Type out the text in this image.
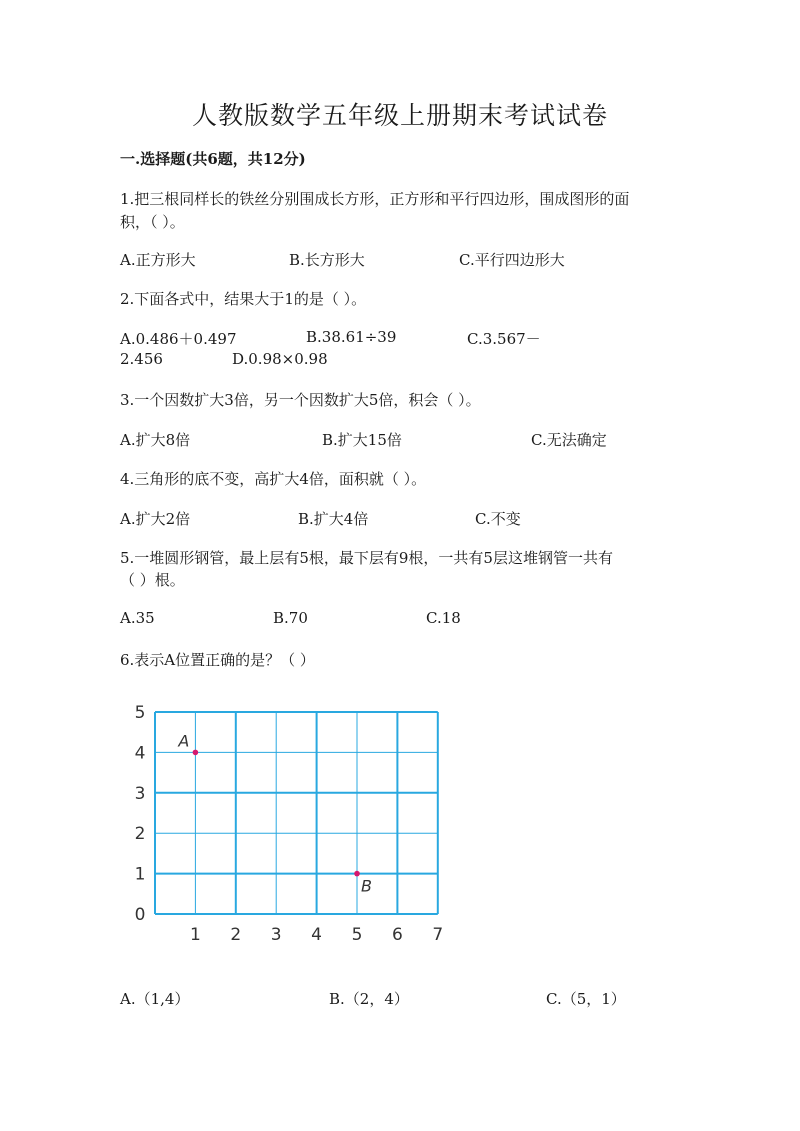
人教版数学五年级上册期末考试试卷
一.选择题(共6题，共12分)
1.把三根同样长的铁丝分别围成长方形，正方形和平行四边形，围成图形的面
积，（ ）。
A.正方形大	B.长方形大	C.平行四边形大
2.下面各式中，结果大于1的是（ ）。
A.0.486＋0.497	B.38.61÷39	C.3.567－
2.456	D.0.98×0.98
3.一个因数扩大3倍，另一个因数扩大5倍，积会（ ）。
A.扩大8倍	B.扩大15倍	C.无法确定
4.三角形的底不变，高扩大4倍，面积就（ ）。
A.扩大2倍	B.扩大4倍	C.不变
5.一堆圆形钢管，最上层有5根，最下层有9根，一共有5层这堆钢管一共有
（ ）根。
A.35	B.70	C.18
6.表示A位置正确的是？（ ）
1 2 3 4 5 6 7
0
1
2
3
4
5
A
B
A.（1,4）	B.（2，4）	C.（5，1）
